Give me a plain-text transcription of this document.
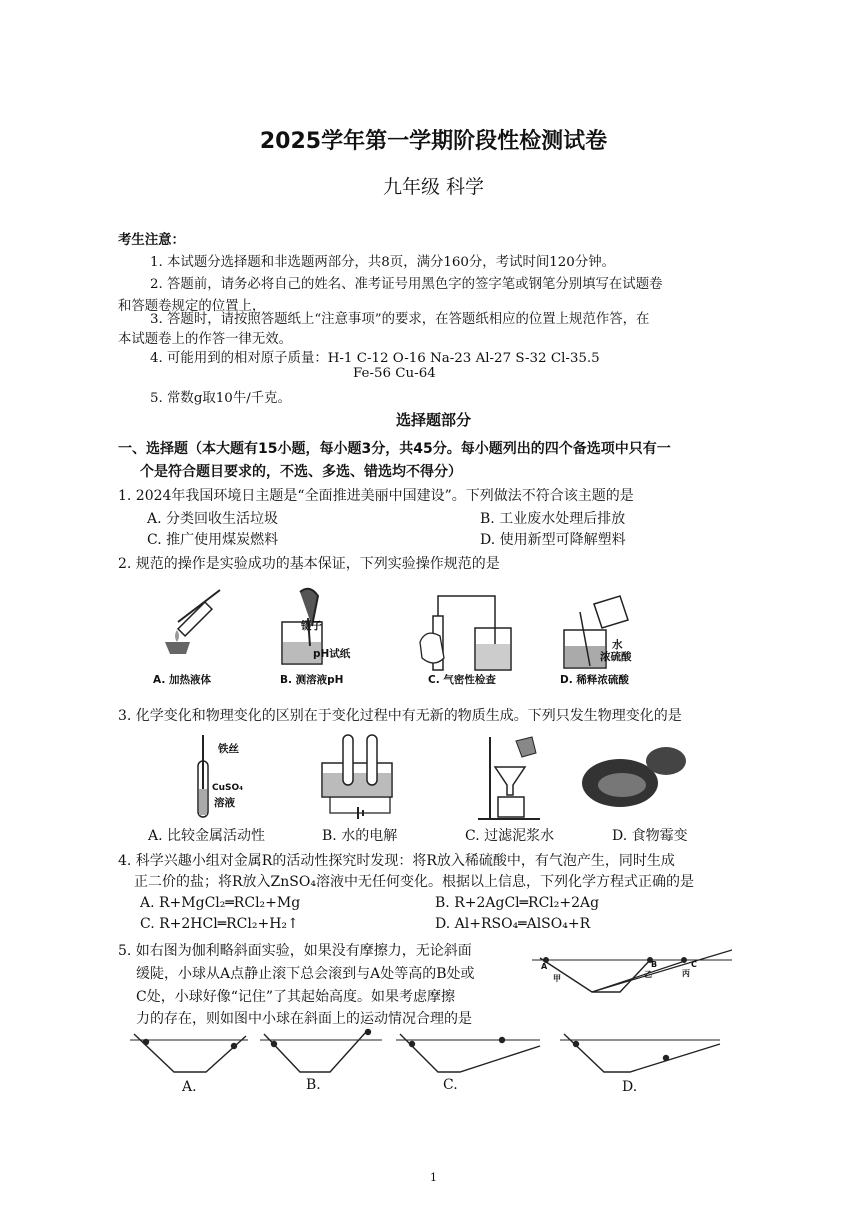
2025学年第一学期阶段性检测试卷
九年级 科学
考生注意：
1. 本试题分选择题和非选题两部分，共8页，满分160分，考试时间120分钟。
2. 答题前，请务必将自己的姓名、准考证号用黑色字的签字笔或钢笔分别填写在试题卷
和答题卷规定的位置上，
3. 答题时，请按照答题纸上“注意事项”的要求，在答题纸相应的位置上规范作答，在
本试题卷上的作答一律无效。
4. 可能用到的相对原子质量：H-1 C-12 O-16 Na-23 Al-27 S-32 Cl-35.5
Fe-56 Cu-64
5. 常数g取10牛/千克。
选择题部分
一、选择题（本大题有15小题，每小题3分，共45分。每小题列出的四个备选项中只有一
个是符合题目要求的，不选、多选、错选均不得分）
1. 2024年我国环境日主题是“全面推进美丽中国建设”。下列做法不符合该主题的是
A. 分类回收生活垃圾	B. 工业废水处理后排放
C. 推广使用煤炭燃料	D. 使用新型可降解塑料
2. 规范的操作是实验成功的基本保证，下列实验操作规范的是
镊子
pH试纸
水
浓硫酸
A. 加热液体	B. 测溶液pH	C. 气密性检查	D. 稀释浓硫酸
3. 化学变化和物理变化的区别在于变化过程中有无新的物质生成。下列只发生物理变化的是
铁丝
CuSO₄
溶液
A. 比较金属活动性	B. 水的电解	C. 过滤泥浆水	D. 食物霉变
4. 科学兴趣小组对金属R的活动性探究时发现：将R放入稀硫酸中，有气泡产生，同时生成
正二价的盐；将R放入ZnSO₄溶液中无任何变化。根据以上信息，下列化学方程式正确的是
A. R+MgCl₂═RCl₂+Mg	B. R+2AgCl═RCl₂+2Ag
C. R+2HCl═RCl₂+H₂↑	D. Al+RSO₄═AlSO₄+R
5. 如右图为伽利略斜面实验，如果没有摩擦力，无论斜面
缓陡，小球从A点静止滚下总会滚到与A处等高的B处或
C处，小球好像“记住”了其起始高度。如果考虑摩擦
力的存在，则如图中小球在斜面上的运动情况合理的是
A
甲
B
乙
C
丙
A.	B.	C.	D.
1
